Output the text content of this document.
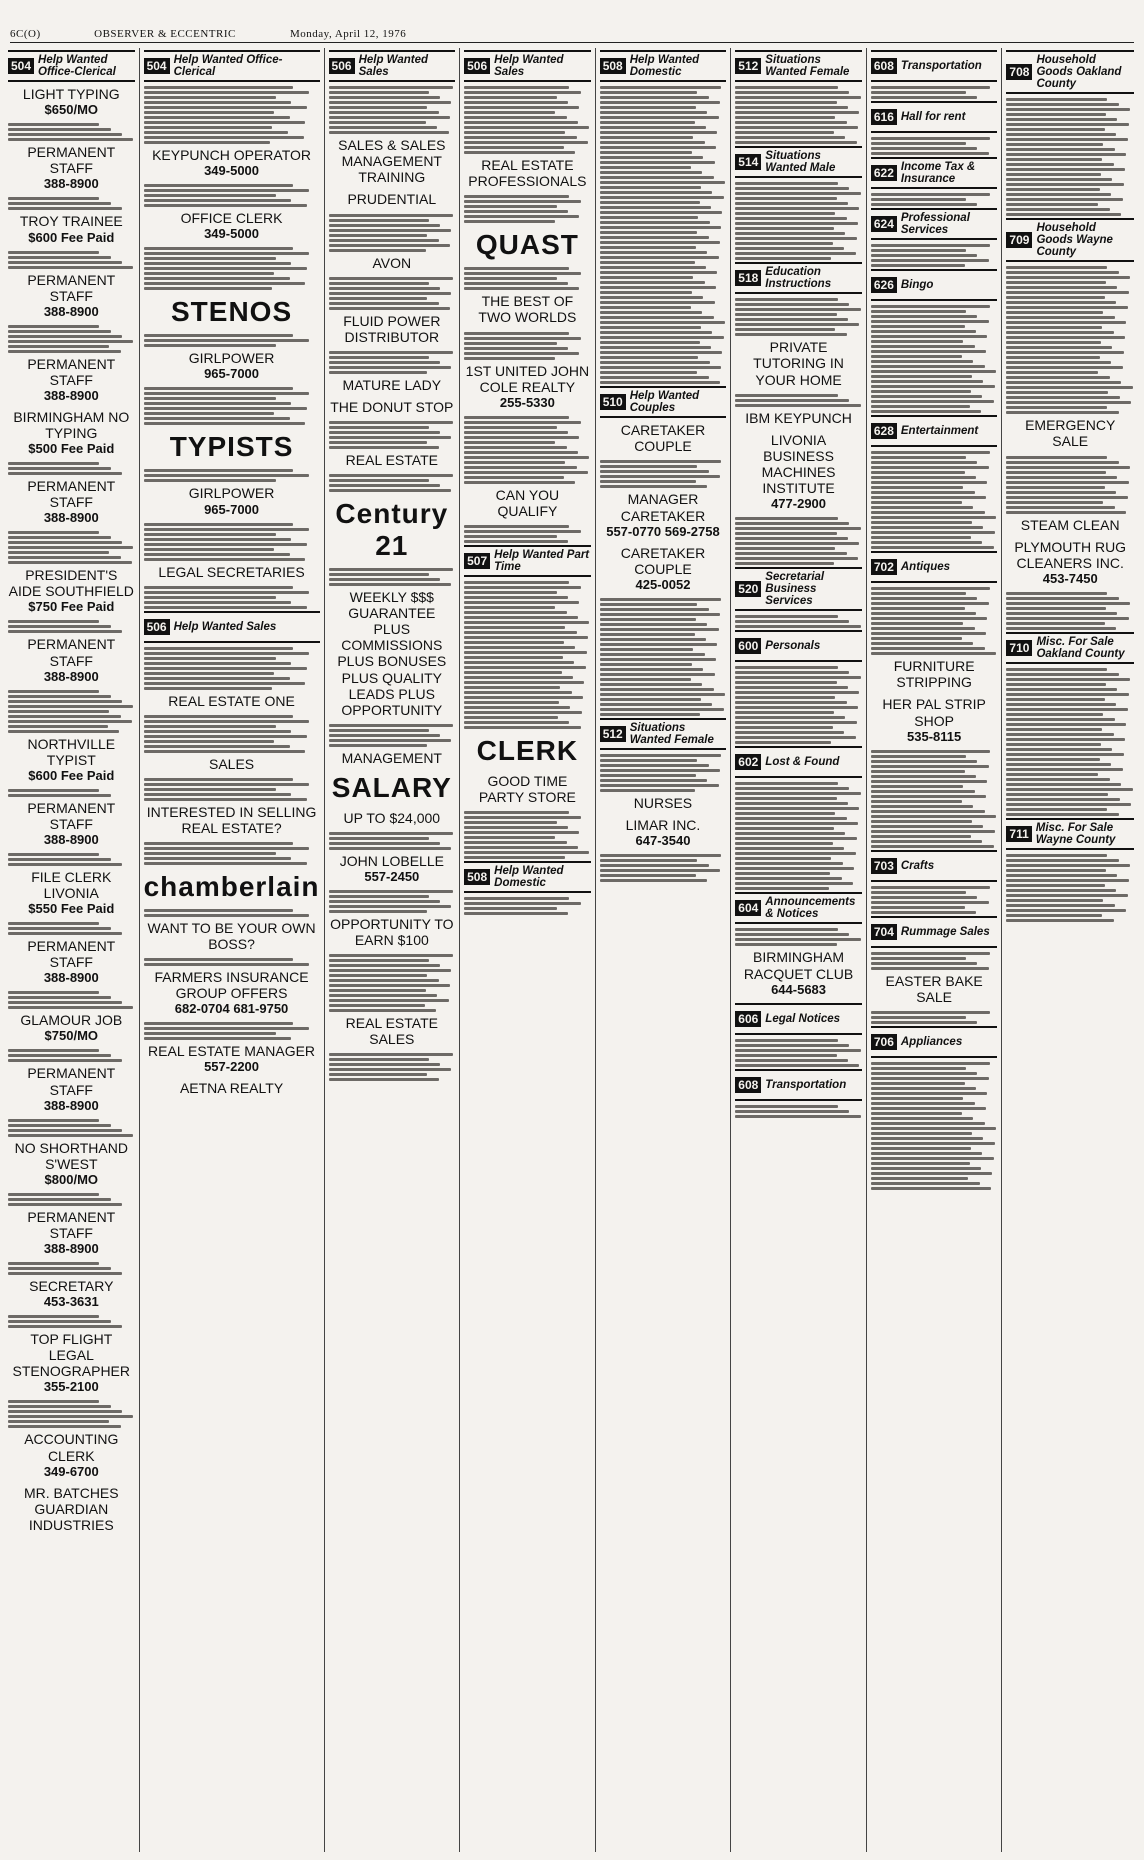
6C(O)	OBSERVER & ECCENTRIC	Monday, April 12, 1976
504 Help Wanted Office-Clerical
LIGHT TYPING
$650/MO
PERMANENT STAFF
388-8900
TROY TRAINEE
$600 Fee Paid
PERMANENT STAFF
388-8900
PERMANENT STAFF
388-8900
BIRMINGHAM NO TYPING
$500 Fee Paid
PERMANENT STAFF
388-8900
PRESIDENT'S AIDE SOUTHFIELD
$750 Fee Paid
PERMANENT STAFF
388-8900
NORTHVILLE TYPIST
$600 Fee Paid
PERMANENT STAFF
388-8900
FILE CLERK LIVONIA
$550 Fee Paid
PERMANENT STAFF
388-8900
GLAMOUR JOB
$750/MO
PERMANENT STAFF
388-8900
NO SHORTHAND S'WEST
$800/MO
PERMANENT STAFF
388-8900
SECRETARY
453-3631
TOP FLIGHT LEGAL STENOGRAPHER
355-2100
ACCOUNTING CLERK
349-6700
MR. BATCHES GUARDIAN INDUSTRIES
504 Help Wanted Office-Clerical
KEYPUNCH OPERATOR
349-5000
OFFICE CLERK
349-5000
STENOS
GIRLPOWER
965-7000
TYPISTS
GIRLPOWER
965-7000
LEGAL SECRETARIES
506 Help Wanted Sales
REAL ESTATE ONE
SALES
INTERESTED IN SELLING REAL ESTATE?
chamberlain
WANT TO BE YOUR OWN BOSS?
FARMERS INSURANCE GROUP OFFERS
682-0704 681-9750
REAL ESTATE MANAGER
557-2200
AETNA REALTY
506 Help Wanted Sales
SALES & SALES MANAGEMENT TRAINING
PRUDENTIAL
AVON
FLUID POWER DISTRIBUTOR
MATURE LADY
THE DONUT STOP
REAL ESTATE
Century 21
WEEKLY $$$ GUARANTEE PLUS COMMISSIONS PLUS BONUSES PLUS QUALITY LEADS PLUS OPPORTUNITY
MANAGEMENT
SALARY
UP TO $24,000
JOHN LOBELLE
557-2450
OPPORTUNITY TO EARN $100
REAL ESTATE SALES
506 Help Wanted Sales
REAL ESTATE PROFESSIONALS
QUAST
THE BEST OF TWO WORLDS
1ST UNITED JOHN COLE REALTY
255-5330
CAN YOU QUALIFY
507 Help Wanted Part Time
CLERK
GOOD TIME PARTY STORE
508 Help Wanted Domestic
508 Help Wanted Domestic
510 Help Wanted Couples
CARETAKER COUPLE
MANAGER CARETAKER
557-0770 569-2758
CARETAKER COUPLE
425-0052
512 Situations Wanted Female
NURSES
LIMAR INC.
647-3540
512 Situations Wanted Female
514 Situations Wanted Male
518 Education Instructions
PRIVATE TUTORING IN YOUR HOME
IBM KEYPUNCH
LIVONIA BUSINESS MACHINES INSTITUTE
477-2900
520
Secretarial Business Services
600 Personals
602 Lost & Found
604 Announcements & Notices
BIRMINGHAM RACQUET CLUB
644-5683
606 Legal Notices
608 Transportation
608 Transportation
616 Hall for rent
622 Income Tax & Insurance
624 Professional Services
626 Bingo
628 Entertainment
702 Antiques
FURNITURE STRIPPING
HER PAL STRIP SHOP
535-8115
703 Crafts
704 Rummage Sales
EASTER BAKE SALE
706 Appliances
708
Household Goods Oakland County
709
Household Goods Wayne County
EMERGENCY SALE
STEAM CLEAN
PLYMOUTH RUG CLEANERS INC.
453-7450
710 Misc. For Sale Oakland County
711 Misc. For Sale Wayne County
